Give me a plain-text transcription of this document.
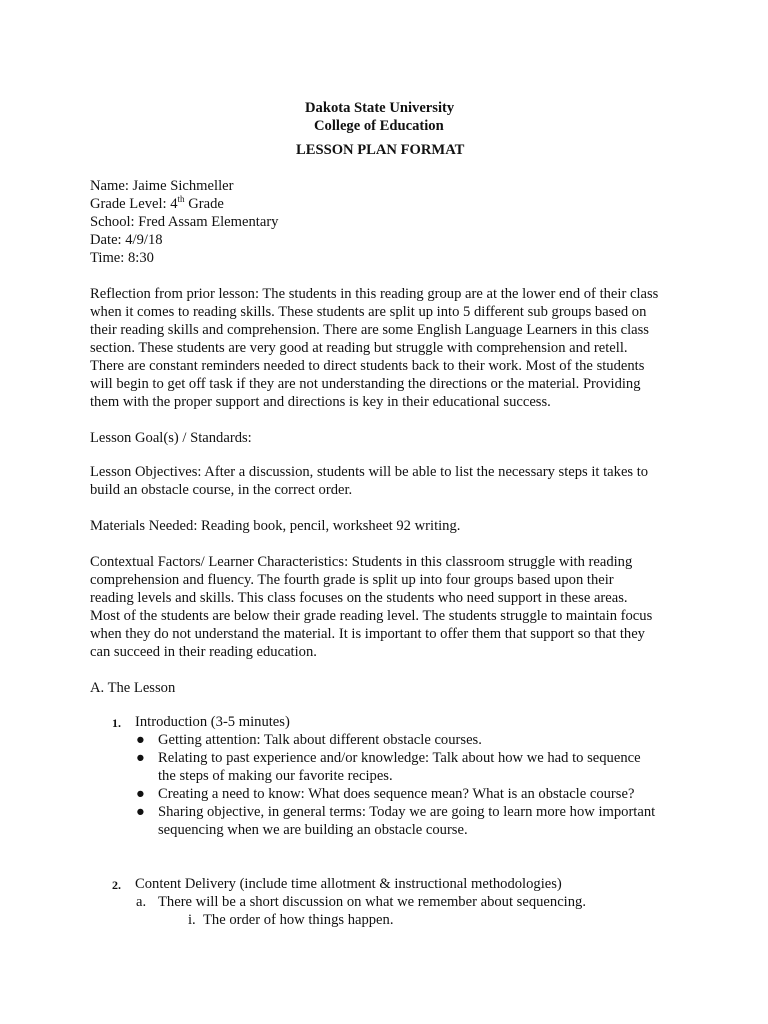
Dakota State University
College of Education
LESSON PLAN FORMAT
Name: Jaime Sichmeller
Grade Level: 4th Grade
School: Fred Assam Elementary
Date: 4/9/18
Time: 8:30
Reflection from prior lesson: The students in this reading group are at the lower end of their class
when it comes to reading skills. These students are split up into 5 different sub groups based on
their reading skills and comprehension. There are some English Language Learners in this class
section. These students are very good at reading but struggle with comprehension and retell.
There are constant reminders needed to direct students back to their work. Most of the students
will begin to get off task if they are not understanding the directions or the material. Providing
them with the proper support and directions is key in their educational success.
Lesson Goal(s) / Standards:
Lesson Objectives: After a discussion, students will be able to list the necessary steps it takes to
build an obstacle course, in the correct order.
Materials Needed: Reading book, pencil, worksheet 92 writing.
Contextual Factors/ Learner Characteristics: Students in this classroom struggle with reading
comprehension and fluency. The fourth grade is split up into four groups based upon their
reading levels and skills. This class focuses on the students who need support in these areas.
Most of the students are below their grade reading level. The students struggle to maintain focus
when they do not understand the material. It is important to offer them that support so that they
can succeed in their reading education.
A. The Lesson
1. Introduction (3-5 minutes)
● Getting attention: Talk about different obstacle courses.
● Relating to past experience and/or knowledge: Talk about how we had to sequence
the steps of making our favorite recipes.
● Creating a need to know: What does sequence mean? What is an obstacle course?
● Sharing objective, in general terms: Today we are going to learn more how important
sequencing when we are building an obstacle course.
2. Content Delivery (include time allotment & instructional methodologies)
a. There will be a short discussion on what we remember about sequencing.
i. The order of how things happen.
